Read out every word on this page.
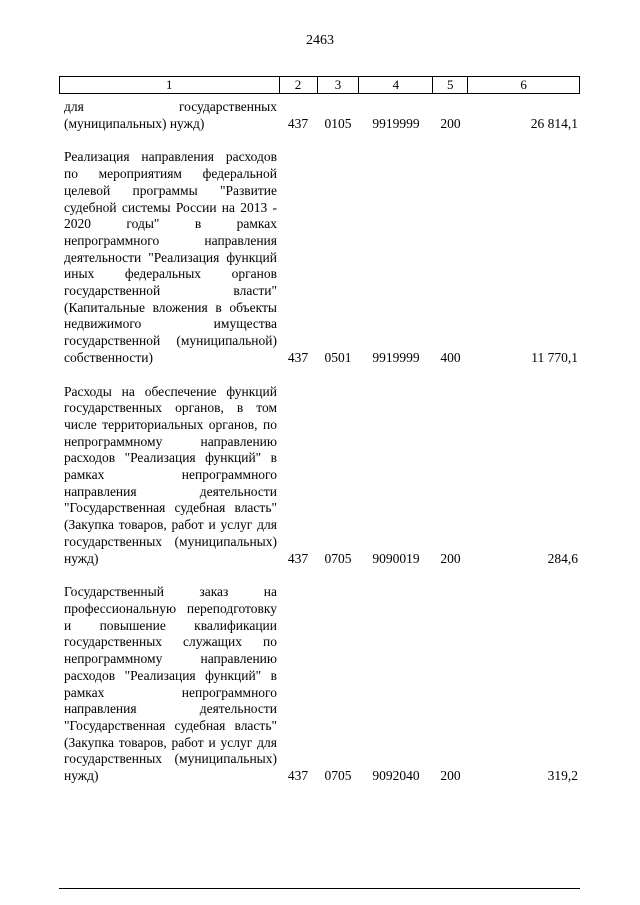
2463
1	2	3	4	5	6
для государственных (муниципальных) нужд)	437	0105	9919999	200	26 814,1
Реализация направления расходов по мероприятиям федеральной целевой программы "Развитие судебной системы России на 2013 - 2020 годы" в рамках непрограммного направления деятельности "Реализация функций иных федеральных органов государственной власти" (Капитальные вложения в объекты недвижимого имущества государственной (муниципальной) собственности)	437	0501	9919999	400	11 770,1
Расходы на обеспечение функций государственных органов, в том числе территориальных органов, по непрограммному направлению расходов "Реализация функций" в рамках непрограммного направления деятельности "Государственная судебная власть" (Закупка товаров, работ и услуг для государственных (муниципальных) нужд)	437	0705	9090019	200	284,6
Государственный заказ на профессиональную переподготовку и повышение квалификации государственных служащих по непрограммному направлению расходов "Реализация функций" в рамках непрограммного направления деятельности "Государственная судебная власть" (Закупка товаров, работ и услуг для государственных (муниципальных) нужд)	437	0705	9092040	200	319,2
